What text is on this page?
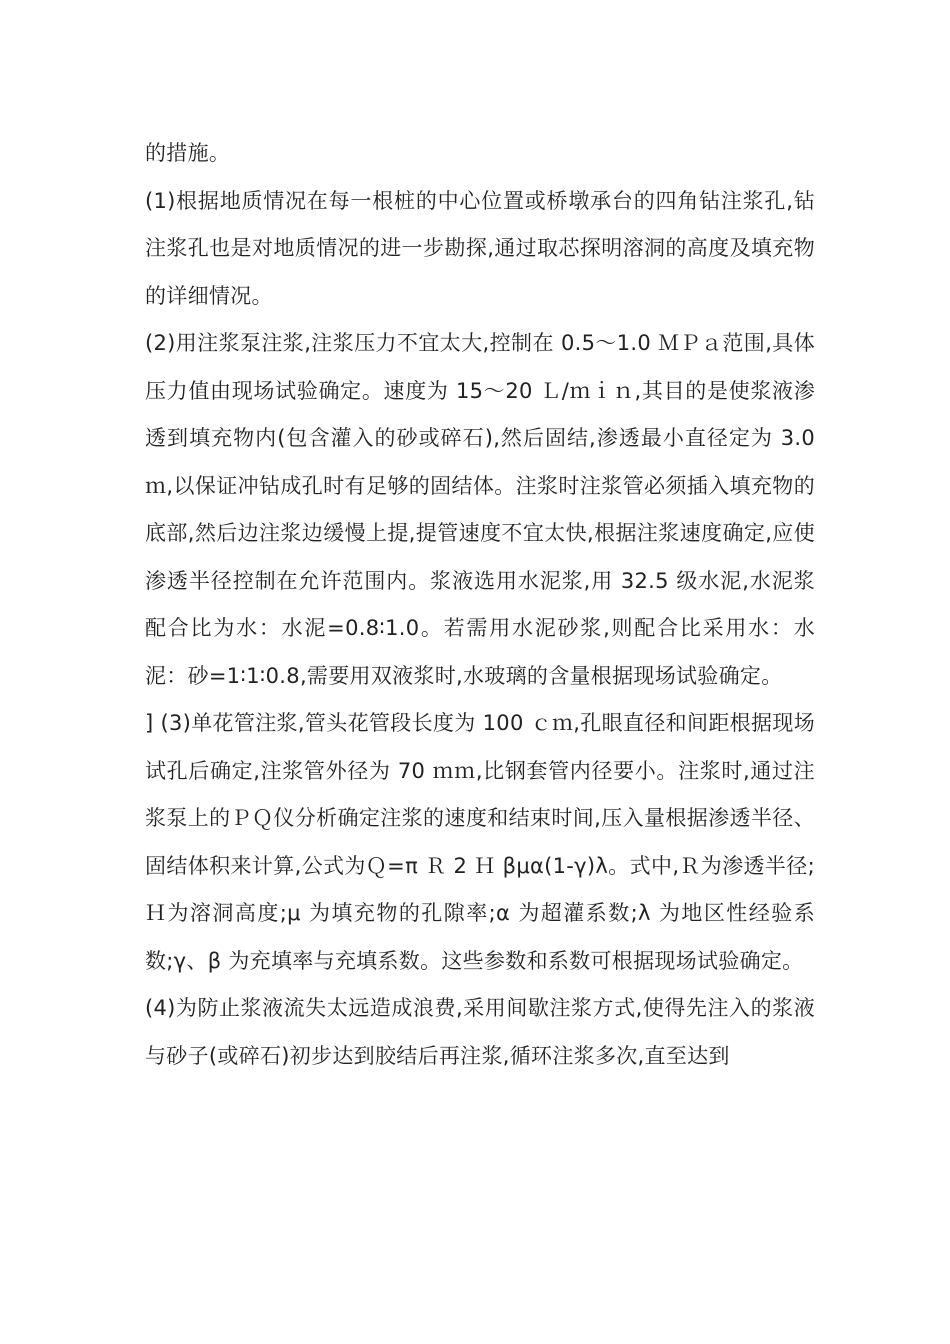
的措施。

(1)根据地质情况在每一根桩的中心位置或桥墩承台的四角钻注浆孔,钻注浆孔也是对地质情况的进一步勘探,通过取芯探明溶洞的高度及填充物的详细情况。

(2)用注浆泵注浆,注浆压力不宜太大,控制在 0.5～1.0 ＭＰａ范围,具体压力值由现场试验确定。速度为 15～20 Ｌ/ｍｉｎ,其目的是使浆液渗透到填充物内(包含灌入的砂或碎石),然后固结,渗透最小直径定为 3.0 ｍ,以保证冲钻成孔时有足够的固结体。注浆时注浆管必须插入填充物的底部,然后边注浆边缓慢上提,提管速度不宜太快,根据注浆速度确定,应使渗透半径控制在允许范围内。浆液选用水泥浆,用 32.5 级水泥,水泥浆配合比为水：水泥=0.8∶1.0。若需用水泥砂浆,则配合比采用水：水泥：砂=1∶1∶0.8,需要用双液浆时,水玻璃的含量根据现场试验确定。

] (3)单花管注浆,管头花管段长度为 100 ｃｍ,孔眼直径和间距根据现场试孔后确定,注浆管外径为 70 ｍｍ,比钢套管内径要小。注浆时,通过注浆泵上的ＰＱ仪分析确定注浆的速度和结束时间,压入量根据渗透半径、固结体积来计算,公式为Ｑ=π Ｒ 2 Ｈ βμα(1-γ)λ。式中,Ｒ为渗透半径;Ｈ为溶洞高度;μ 为填充物的孔隙率;α 为超灌系数;λ 为地区性经验系数;γ、β 为充填率与充填系数。这些参数和系数可根据现场试验确定。

(4)为防止浆液流失太远造成浪费,采用间歇注浆方式,使得先注入的浆液与砂子(或碎石)初步达到胶结后再注浆,循环注浆多次,直至达到
